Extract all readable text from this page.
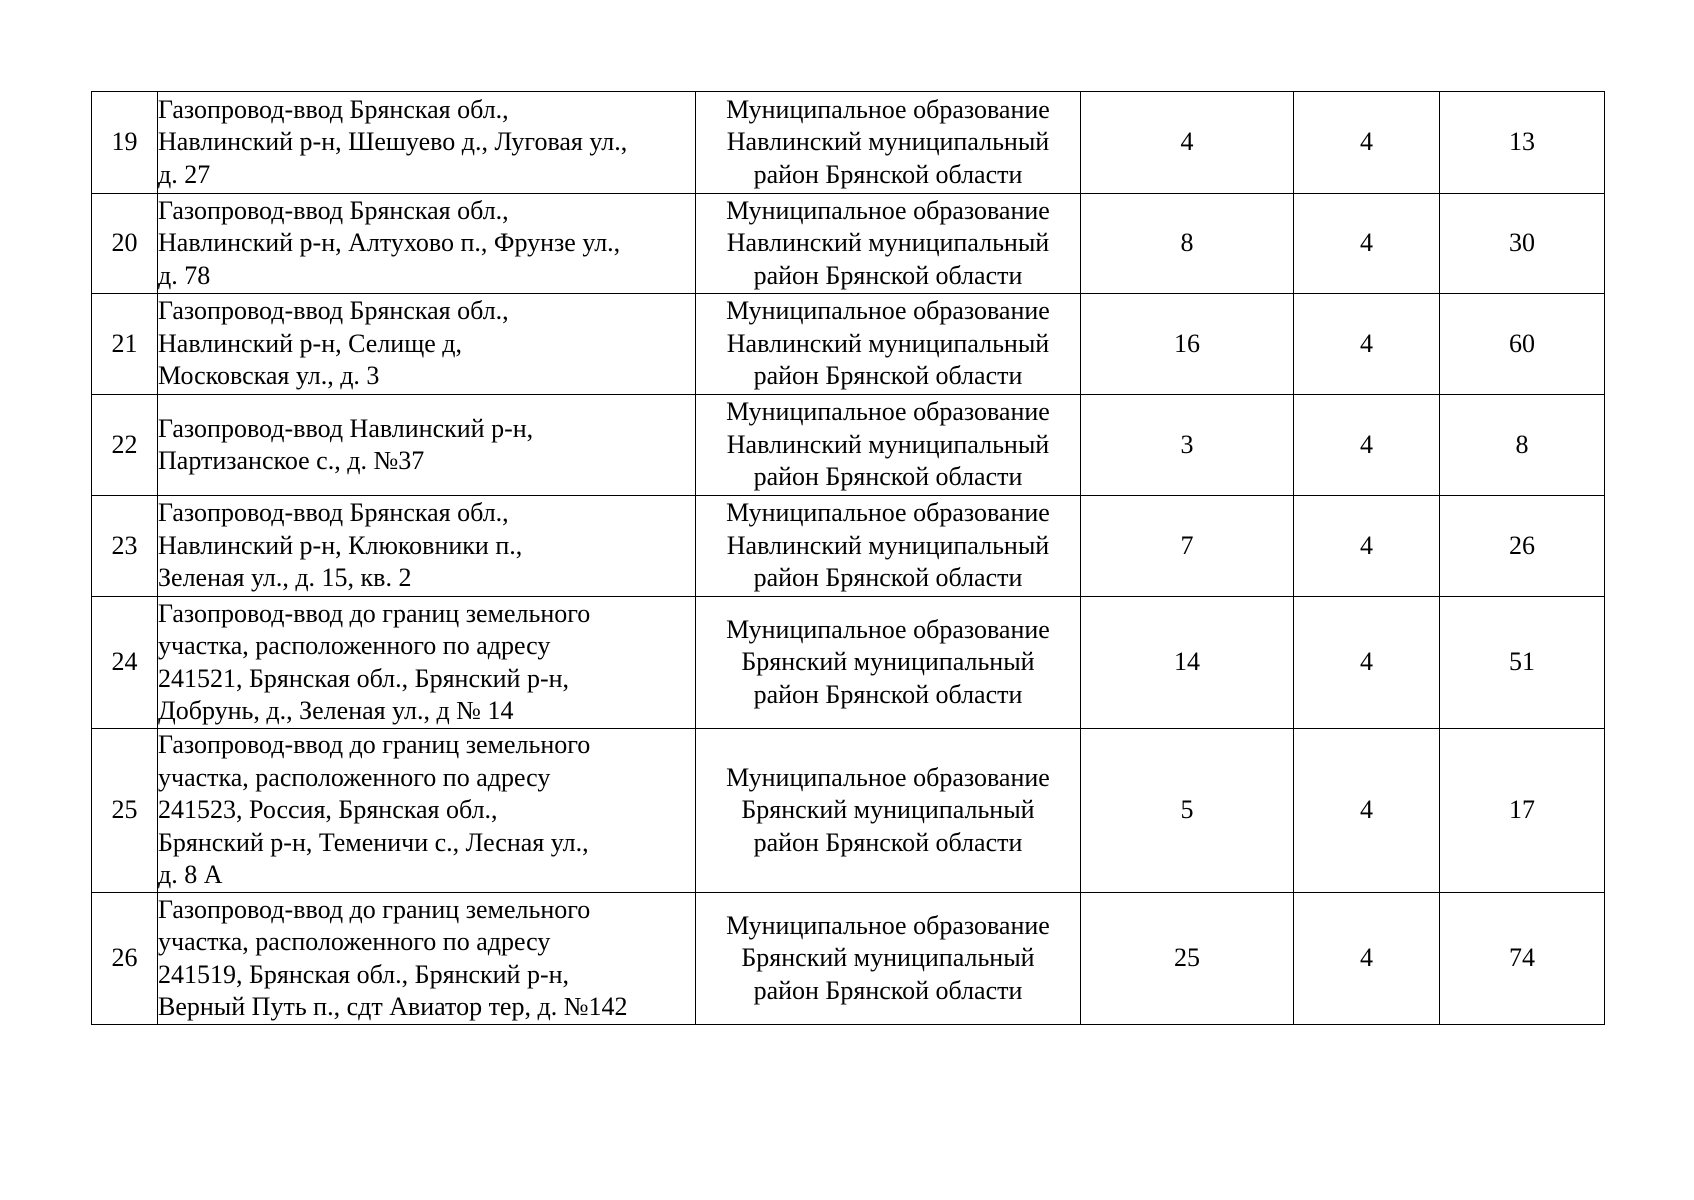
19	Газопровод-ввод Брянская обл.,
Навлинский р-н, Шешуево д., Луговая ул.,
д. 27	Муниципальное образование
Навлинский муниципальный
район Брянской области	4	4	13
20	Газопровод-ввод Брянская обл.,
Навлинский р-н, Алтухово п., Фрунзе ул.,
д. 78	Муниципальное образование
Навлинский муниципальный
район Брянской области	8	4	30
21	Газопровод-ввод Брянская обл.,
Навлинский р-н, Селище д,
Московская ул., д. 3	Муниципальное образование
Навлинский муниципальный
район Брянской области	16	4	60
22	Газопровод-ввод Навлинский р-н,
Партизанское с., д. №37	Муниципальное образование
Навлинский муниципальный
район Брянской области	3	4	8
23	Газопровод-ввод Брянская обл.,
Навлинский р-н, Клюковники п.,
Зеленая ул., д. 15, кв. 2	Муниципальное образование
Навлинский муниципальный
район Брянской области	7	4	26
24	Газопровод-ввод до границ земельного
участка, расположенного по адресу
241521, Брянская обл., Брянский р-н,
Добрунь, д., Зеленая ул., д № 14	Муниципальное образование
Брянский муниципальный
район Брянской области	14	4	51
25	Газопровод-ввод до границ земельного
участка, расположенного по адресу
241523, Россия, Брянская обл.,
Брянский р-н, Теменичи с., Лесная ул.,
д. 8 А	Муниципальное образование
Брянский муниципальный
район Брянской области	5	4	17
26	Газопровод-ввод до границ земельного
участка, расположенного по адресу
241519, Брянская обл., Брянский р-н,
Верный Путь п., сдт Авиатор тер, д. №142	Муниципальное образование
Брянский муниципальный
район Брянской области	25	4	74
